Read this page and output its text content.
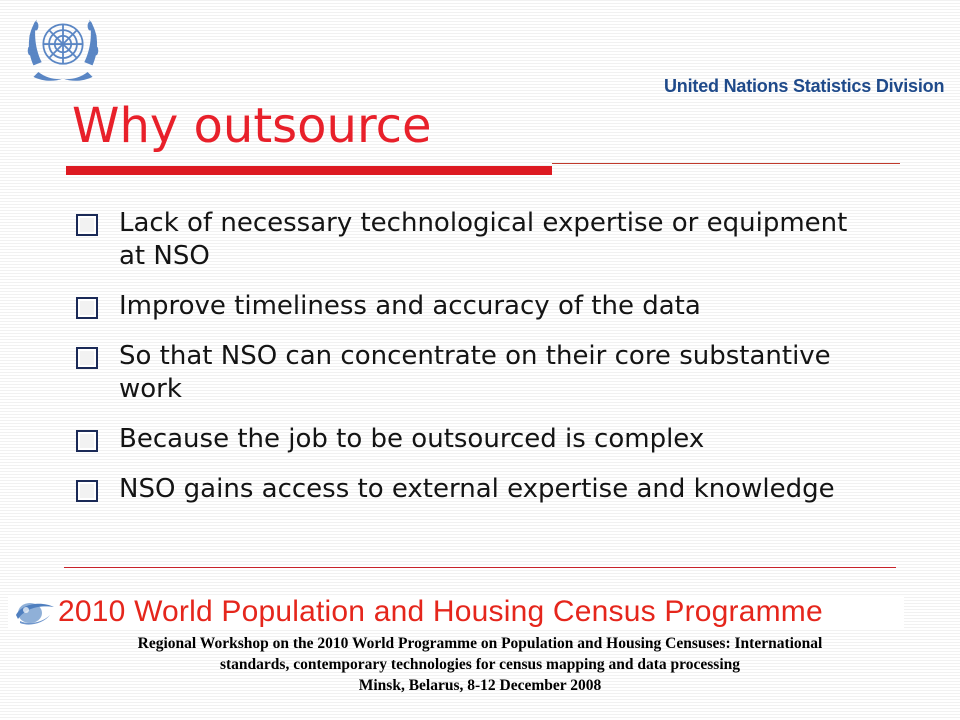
United Nations Statistics Division
Why outsource
Lack of necessary technological expertise or equipment at NSO
Improve timeliness and accuracy of the data
So that NSO can concentrate on their core substantive work
Because the job to be outsourced is complex
NSO gains access to external expertise and knowledge
2010 World Population and Housing Census Programme
Regional Workshop on the 2010 World Programme on Population and Housing Censuses: International
standards, contemporary technologies for census mapping and data processing
Minsk, Belarus, 8-12 December 2008
